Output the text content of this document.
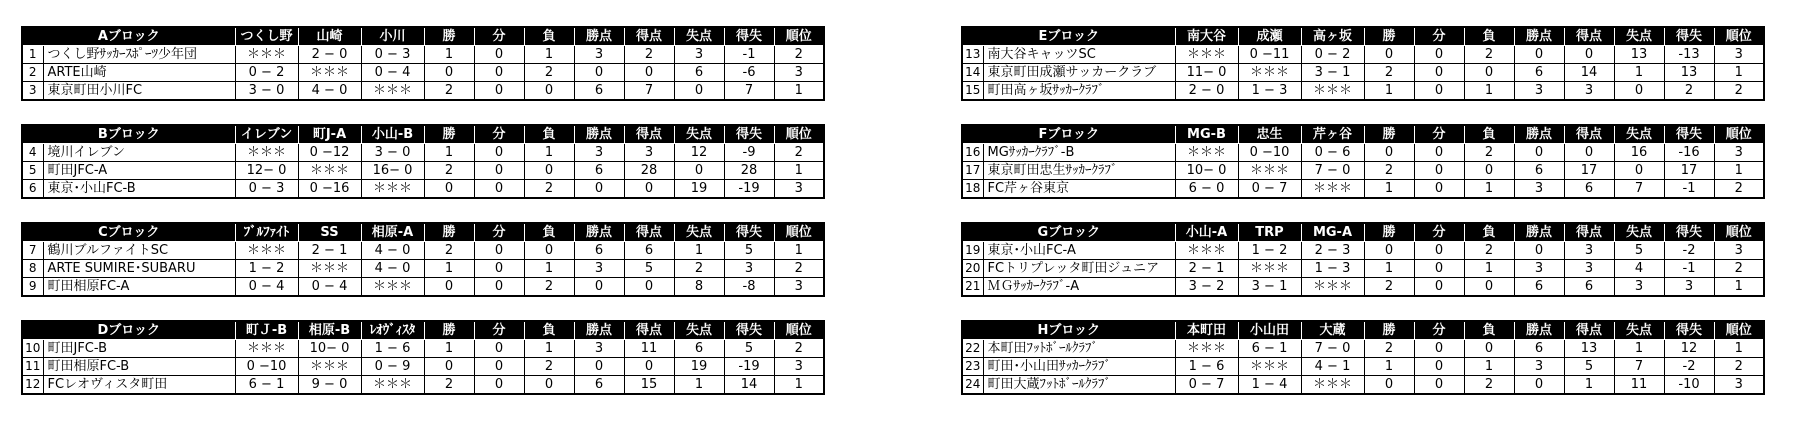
Aブロック		つくし野	山崎	小川	勝	分	負	勝点	得点	失点	得失	順位
1	つくし野ｻｯｶｰｽﾎﾟｰﾂ少年団	＊＊＊	2 − 0	0 − 3	1	0	1	3	2	3	-1	2
2	ARTE山崎	0 − 2	＊＊＊	0 − 4	0	0	2	0	0	6	-6	3
3	東京町田小川FC	3 − 0	4 − 0	＊＊＊	2	0	0	6	7	0	7	1
Bブロック		イレブン	町J-A	小山-B	勝	分	負	勝点	得点	失点	得失	順位
4	境川イレブン	＊＊＊	0 −12	3 − 0	1	0	1	3	3	12	-9	2
5	町田JFC-A	12− 0	＊＊＊	16− 0	2	0	0	6	28	0	28	1
6	東京･小山FC-B	0 − 3	0 −16	＊＊＊	0	0	2	0	0	19	-19	3
Cブロック		ﾌﾞﾙﾌｧｲﾄ	SS	相原-A	勝	分	負	勝点	得点	失点	得失	順位
7	鶴川ブルファイトSC	＊＊＊	2 − 1	4 − 0	2	0	0	6	6	1	5	1
8	ARTE SUMIRE･SUBARU	1 − 2	＊＊＊	4 − 0	1	0	1	3	5	2	3	2
9	町田相原FC-A	0 − 4	0 − 4	＊＊＊	0	0	2	0	0	8	-8	3
Dブロック		町Ｊ-B	相原-B	ﾚｵｳﾞｨｽﾀ	勝	分	負	勝点	得点	失点	得失	順位
10	町田JFC-B	＊＊＊	10− 0	1 − 6	1	0	1	3	11	6	5	2
11	町田相原FC-B	0 −10	＊＊＊	0 − 9	0	0	2	0	0	19	-19	3
12	FCレオヴィスタ町田	6 − 1	9 − 0	＊＊＊	2	0	0	6	15	1	14	1
Eブロック		南大谷	成瀬	高ヶ坂	勝	分	負	勝点	得点	失点	得失	順位
13	南大谷キャッツSC	＊＊＊	0 −11	0 − 2	0	0	2	0	0	13	-13	3
14	東京町田成瀬サッカークラブ	11− 0	＊＊＊	3 − 1	2	0	0	6	14	1	13	1
15	町田高ヶ坂ｻｯｶｰｸﾗﾌﾞ	2 − 0	1 − 3	＊＊＊	1	0	1	3	3	0	2	2
Fブロック		MG-B	忠生	芹ヶ谷	勝	分	負	勝点	得点	失点	得失	順位
16	MGｻｯｶｰｸﾗﾌﾞ-B	＊＊＊	0 −10	0 − 6	0	0	2	0	0	16	-16	3
17	東京町田忠生ｻｯｶｰｸﾗﾌﾞ	10− 0	＊＊＊	7 − 0	2	0	0	6	17	0	17	1
18	FC芹ヶ谷東京	6 − 0	0 − 7	＊＊＊	1	0	1	3	6	7	-1	2
Gブロック		小山-A	TRP	MG-A	勝	分	負	勝点	得点	失点	得失	順位
19	東京･小山FC-A	＊＊＊	1 − 2	2 − 3	0	0	2	0	3	5	-2	3
20	FCトリプレッタ町田ジュニア	2 − 1	＊＊＊	1 − 3	1	0	1	3	3	4	-1	2
21	ＭＧｻｯｶｰｸﾗﾌﾞ-A	3 − 2	3 − 1	＊＊＊	2	0	0	6	6	3	3	1
Hブロック		本町田	小山田	大蔵	勝	分	負	勝点	得点	失点	得失	順位
22	本町田ﾌｯﾄﾎﾞｰﾙｸﾗﾌﾞ	＊＊＊	6 − 1	7 − 0	2	0	0	6	13	1	12	1
23	町田･小山田ｻｯｶｰｸﾗﾌﾞ	1 − 6	＊＊＊	4 − 1	1	0	1	3	5	7	-2	2
24	町田大蔵ﾌｯﾄﾎﾞｰﾙｸﾗﾌﾞ	0 − 7	1 − 4	＊＊＊	0	0	2	0	1	11	-10	3
